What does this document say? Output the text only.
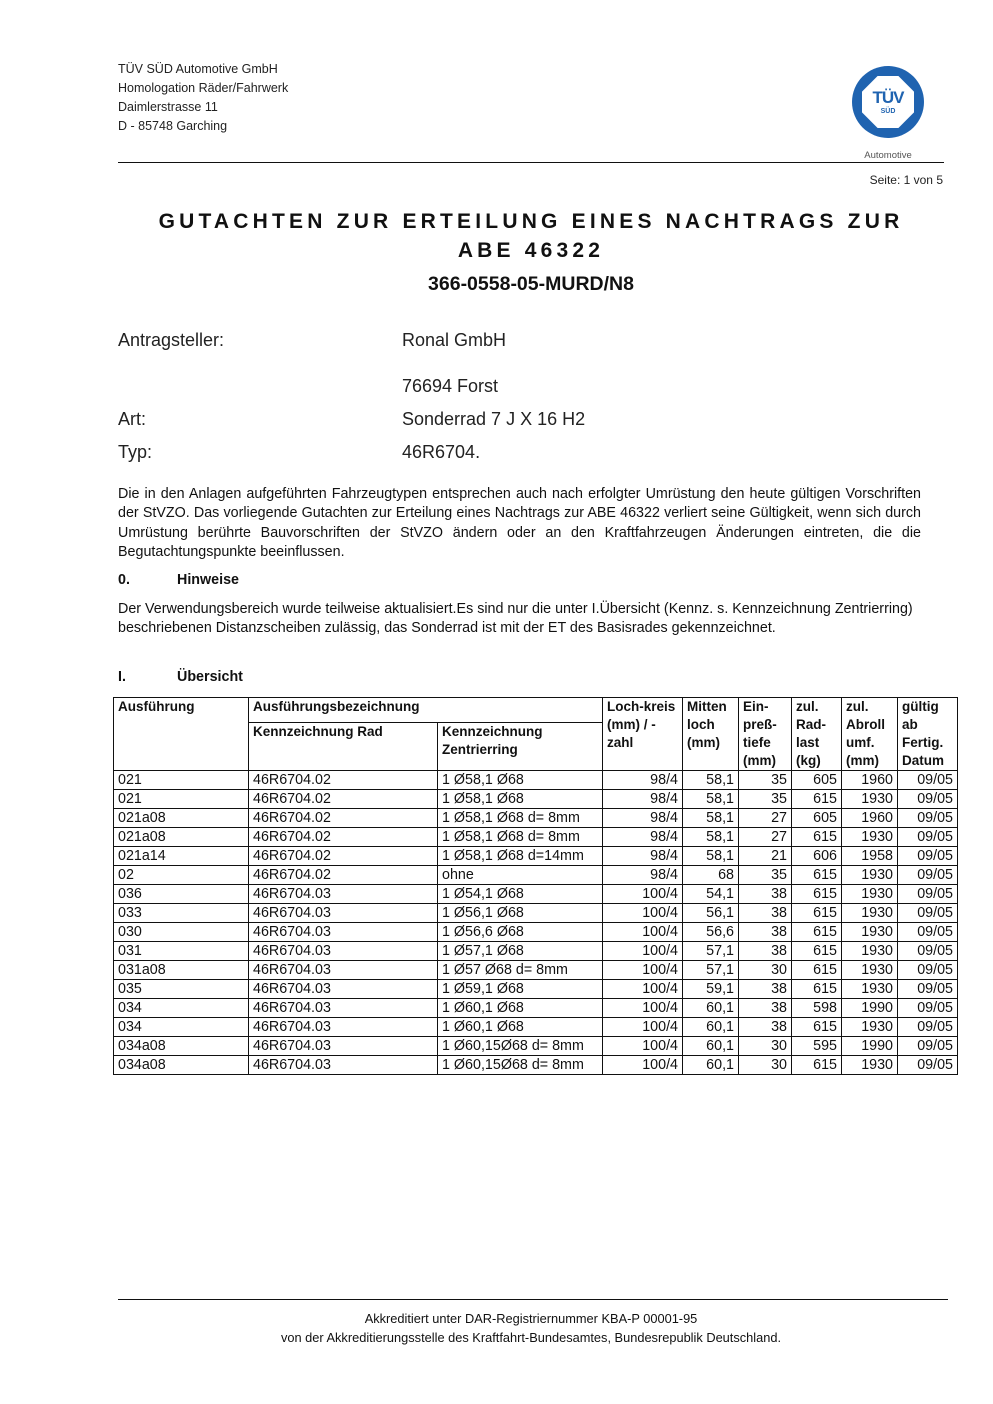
TÜV SÜD Automotive GmbH
Homologation Räder/Fahrwerk
Daimlerstrasse 11
D - 85748 Garching
TÜV
SÜD
Automotive
Seite: 1 von 5
GUTACHTEN ZUR ERTEILUNG EINES NACHTRAGS ZUR
ABE 46322
366-0558-05-MURD/N8
Antragsteller:	Ronal GmbH
76694 Forst
Art:	Sonderrad 7 J X 16 H2
Typ:	46R6704.
Die in den Anlagen aufgeführten Fahrzeugtypen entsprechen auch nach erfolgter Umrüstung den heute gültigen Vorschriften der StVZO. Das vorliegende Gutachten zur Erteilung eines Nachtrags zur ABE 46322 verliert seine Gültigkeit, wenn sich durch Umrüstung berührte Bauvorschriften der StVZO ändern oder an den Kraftfahrzeugen Änderungen eintreten, die die Begutachtungspunkte beeinflussen.
0.	Hinweise
Der Verwendungsbereich wurde teilweise aktualisiert.Es sind nur die unter I.Übersicht (Kennz. s. Kennzeichnung Zentrierring) beschriebenen Distanzscheiben zulässig, das Sonderrad ist mit der ET des Basisrades gekennzeichnet.
I.	Übersicht
Ausführung	Ausführungsbezeichnung		Loch-kreis (mm) / -zahl	Mitten loch (mm)	Ein-preß-tiefe (mm)	zul. Rad-last (kg)	zul. Abroll umf. (mm)	gültig ab Fertig. Datum
	Kennzeichnung Rad	Kennzeichnung Zentrierring						
021	46R6704.02	1 Ø58,1 Ø68	98/4	58,1	35	605	1960	09/05
021	46R6704.02	1 Ø58,1 Ø68	98/4	58,1	35	615	1930	09/05
021a08	46R6704.02	1 Ø58,1 Ø68 d= 8mm	98/4	58,1	27	605	1960	09/05
021a08	46R6704.02	1 Ø58,1 Ø68 d= 8mm	98/4	58,1	27	615	1930	09/05
021a14	46R6704.02	1 Ø58,1 Ø68 d=14mm	98/4	58,1	21	606	1958	09/05
02	46R6704.02	ohne	98/4	68	35	615	1930	09/05
036	46R6704.03	1 Ø54,1 Ø68	100/4	54,1	38	615	1930	09/05
033	46R6704.03	1 Ø56,1 Ø68	100/4	56,1	38	615	1930	09/05
030	46R6704.03	1 Ø56,6 Ø68	100/4	56,6	38	615	1930	09/05
031	46R6704.03	1 Ø57,1 Ø68	100/4	57,1	38	615	1930	09/05
031a08	46R6704.03	1 Ø57 Ø68 d= 8mm	100/4	57,1	30	615	1930	09/05
035	46R6704.03	1 Ø59,1 Ø68	100/4	59,1	38	615	1930	09/05
034	46R6704.03	1 Ø60,1 Ø68	100/4	60,1	38	598	1990	09/05
034	46R6704.03	1 Ø60,1 Ø68	100/4	60,1	38	615	1930	09/05
034a08	46R6704.03	1 Ø60,15Ø68 d= 8mm	100/4	60,1	30	595	1990	09/05
034a08	46R6704.03	1 Ø60,15Ø68 d= 8mm	100/4	60,1	30	615	1930	09/05
Akkreditiert unter DAR-Registriernummer KBA-P 00001-95
von der Akkreditierungsstelle des Kraftfahrt-Bundesamtes, Bundesrepublik Deutschland.
